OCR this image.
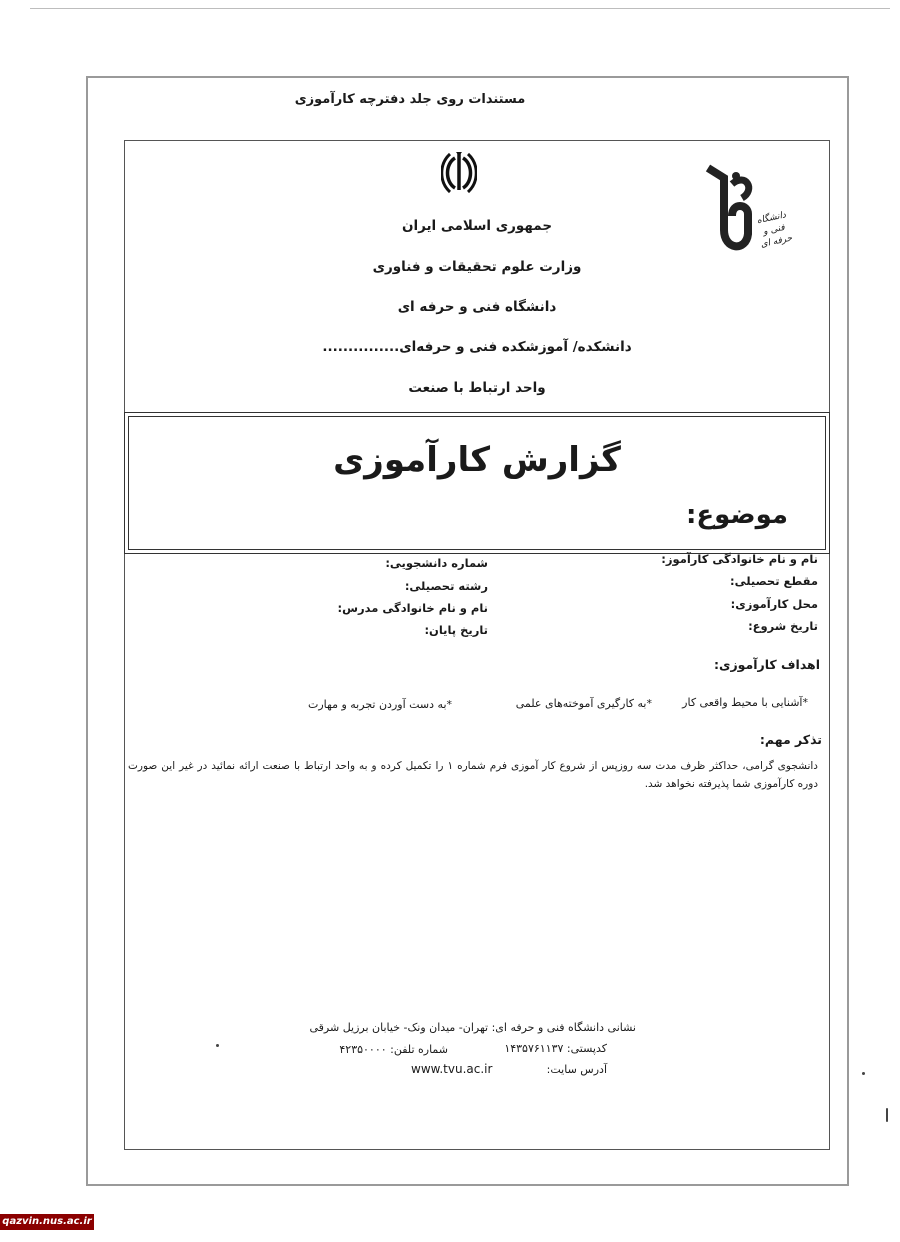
مستندات روی جلد دفترچه کارآموزی
دانشگاه فنی و حرفه ای
جمهوری اسلامی ایران
وزارت علوم تحقیقات و فناوری
دانشگاه فنی و حرفه ای
دانشکده/ آموزشکده فنی و حرفه‌ای...............
واحد ارتباط با صنعت
گزارش کارآموزی
موضوع:
نام و نام خانوادگی کارآموز:
مقطع تحصیلی:
محل کارآموزی:
تاریخ شروع:
شماره دانشجویی:
رشته تحصیلی:
نام و نام خانوادگی مدرس:
تاریخ پایان:
اهداف کارآموزی:
*آشنایی با محیط واقعی کار
*به کارگیری آموخته‌های علمی
*به دست آوردن تجربه و مهارت
تذکر مهم:
دانشجوی گرامی، حداکثر ظرف مدت سه روزپس از شروع کار آموزی فرم شماره ۱ را تکمیل کرده و به واحد ارتباط با صنعت ارائه نمائید در غیر این صورت دوره کارآموزی شما پذیرفته نخواهد شد.
نشانی دانشگاه فنی و حرفه ای: تهران- میدان ونک- خیابان برزیل شرقی
کدپستی: ۱۴۳۵۷۶۱۱۳۷
شماره تلفن: ۴۲۳۵۰۰۰۰
آدرس سایت:
www.tvu.ac.ir
qazvin.nus.ac.ir
